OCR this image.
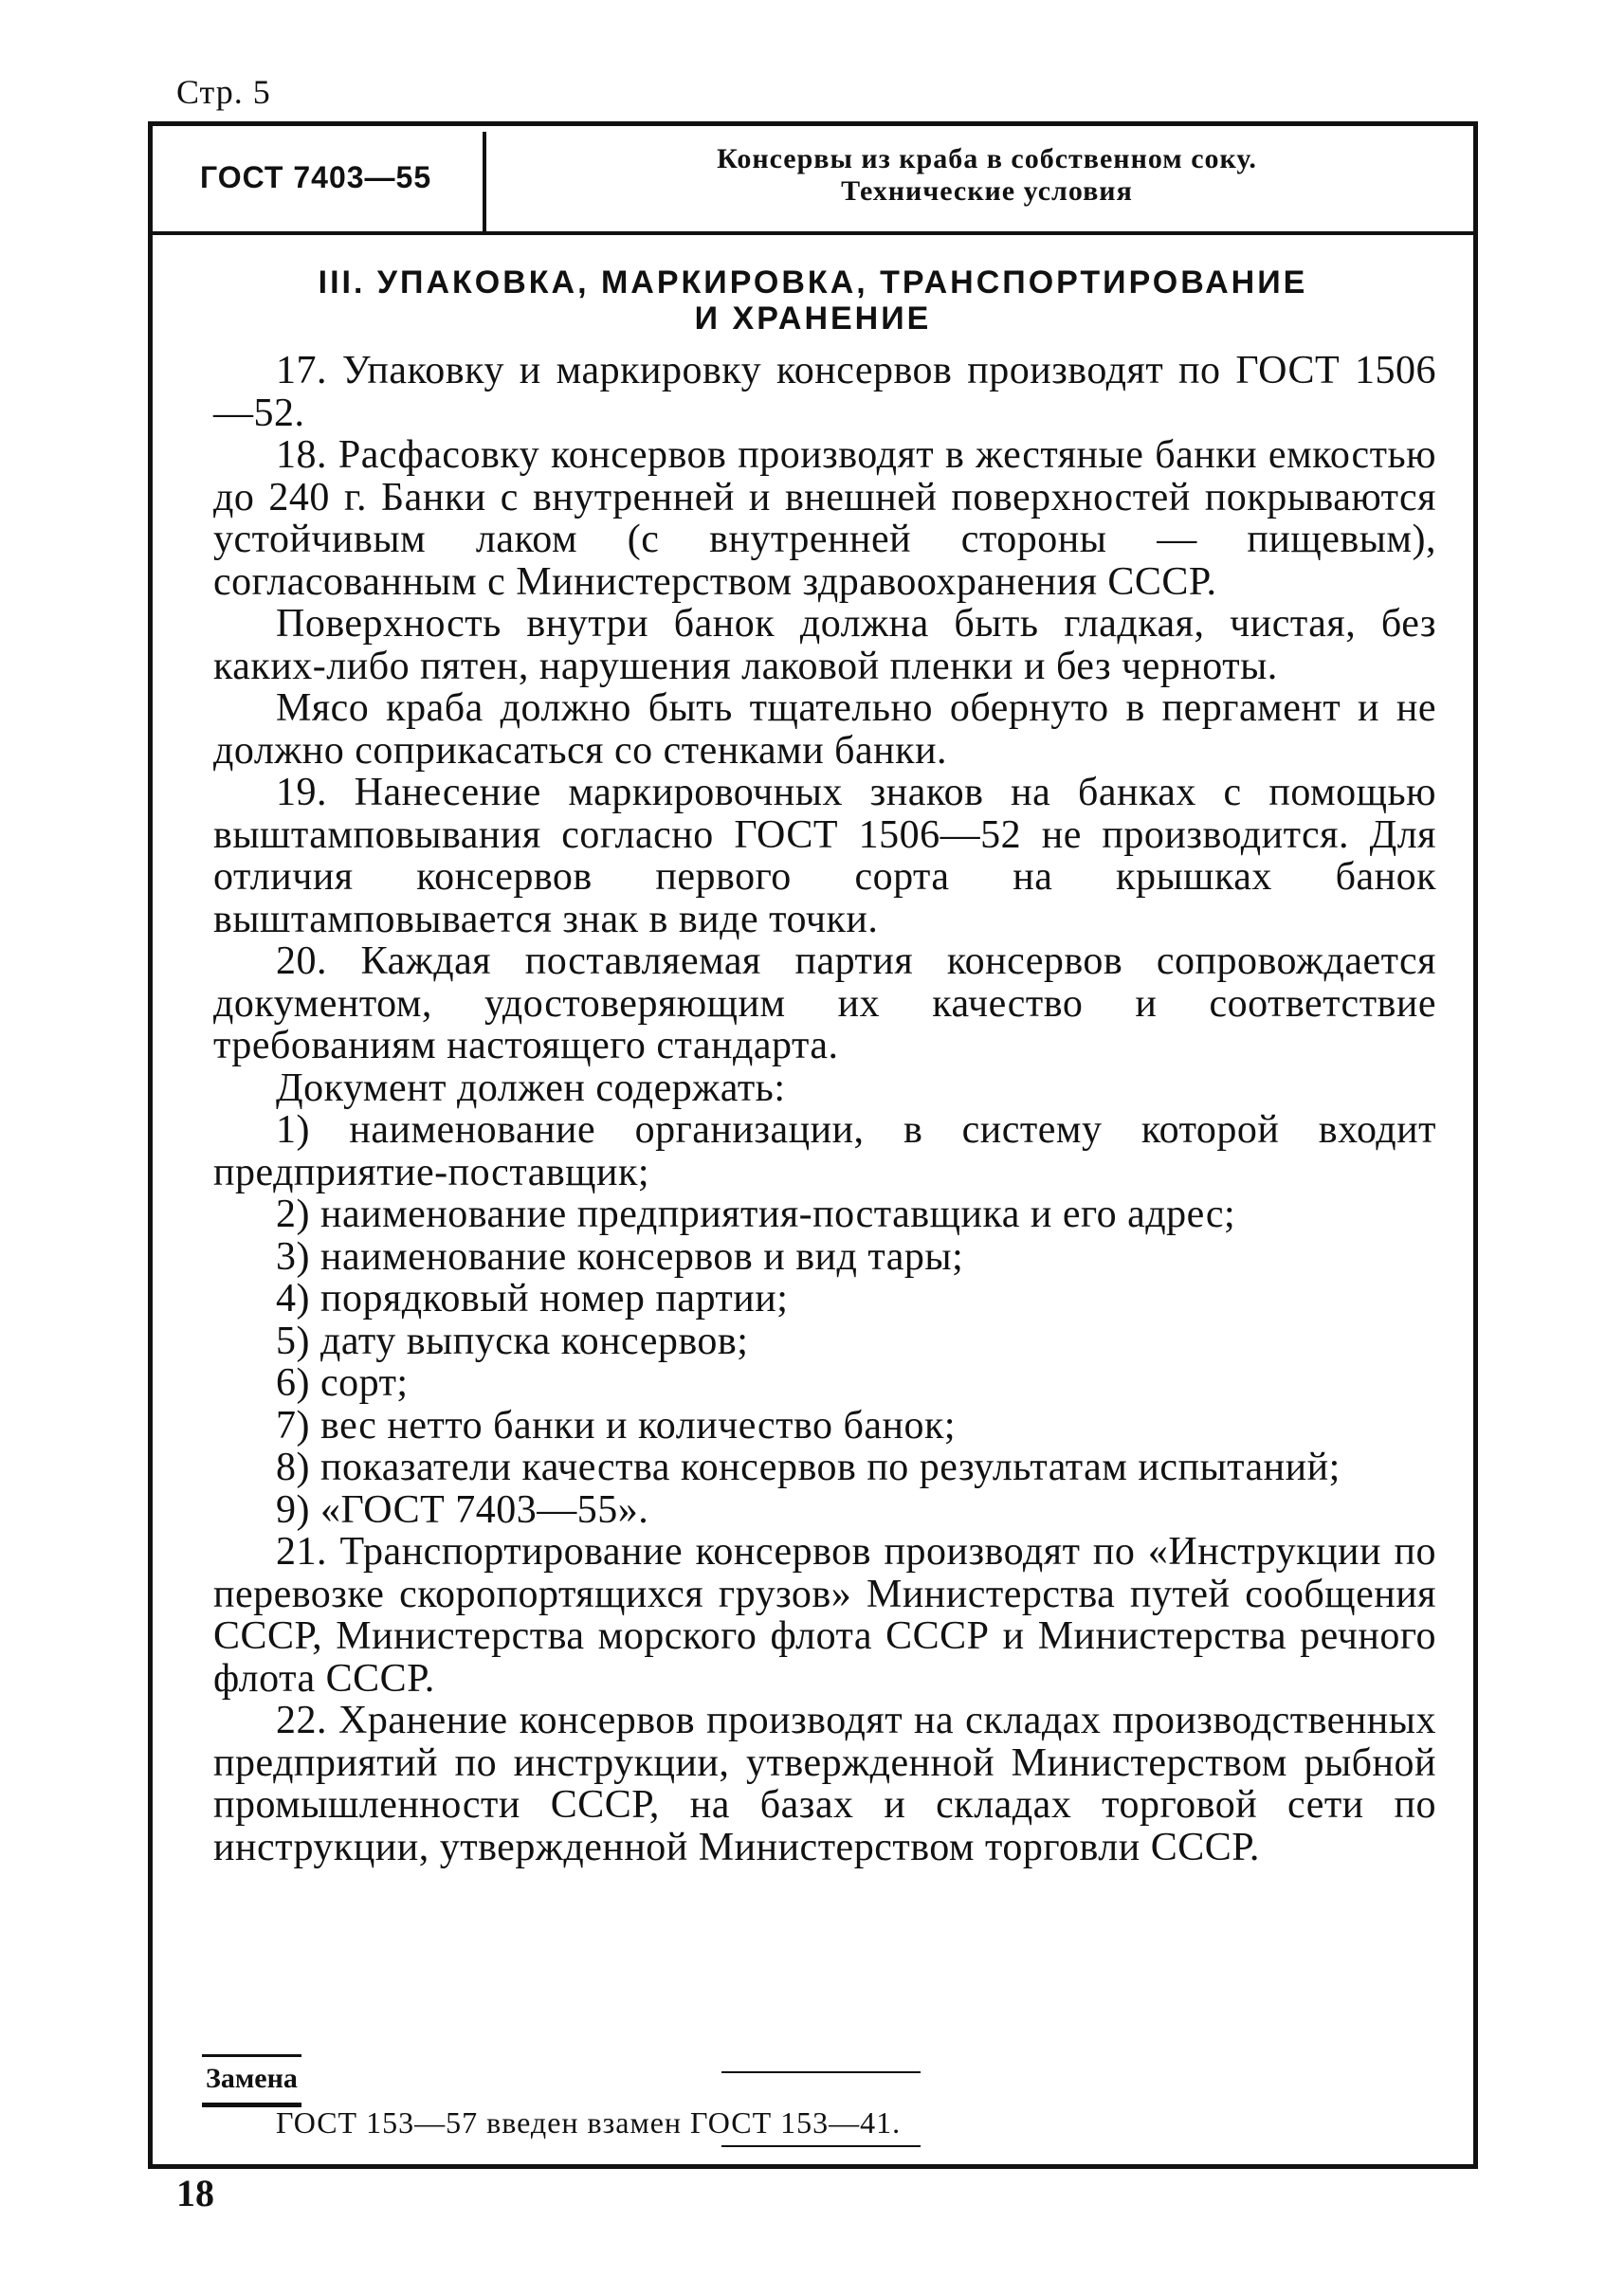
Стр. 5
ГОСТ 7403—55
Консервы из краба в собственном соку.
Технические условия
III. УПАКОВКА, МАРКИРОВКА, ТРАНСПОРТИРОВАНИЕ
И ХРАНЕНИЕ

17. Упаковку и маркировку консервов производят по ГОСТ 1506—52.

18. Расфасовку консервов производят в жестяные банки емкостью до 240 г. Банки с внутренней и внешней поверхностей покрываются устойчивым лаком (с внутренней стороны — пищевым), согласованным с Министерством здравоохранения СССР.

Поверхность внутри банок должна быть гладкая, чистая, без каких-либо пятен, нарушения лаковой пленки и без черноты.

Мясо краба должно быть тщательно обернуто в пергамент и не должно соприкасаться со стенками банки.

19. Нанесение маркировочных знаков на банках с помощью выштамповывания согласно ГОСТ 1506—52 не производится. Для отличия консервов первого сорта на крышках банок выштамповывается знак в виде точки.

20. Каждая поставляемая партия консервов сопровождается документом, удостоверяющим их качество и соответствие требованиям настоящего стандарта.

Документ должен содержать:

1) наименование организации, в систему которой входит предприятие-поставщик;

2) наименование предприятия-поставщика и его адрес;

3) наименование консервов и вид тары;

4) порядковый номер партии;

5) дату выпуска консервов;

6) сорт;

7) вес нетто банки и количество банок;

8) показатели качества консервов по результатам испытаний;

9) «ГОСТ 7403—55».

21. Транспортирование консервов производят по «Инструкции по перевозке скоропортящихся грузов» Министерства путей сообщения СССР, Министерства морского флота СССР и Министерства речного флота СССР.

22. Хранение консервов производят на складах производственных предприятий по инструкции, утвержденной Министерством рыбной промышленности СССР, на базах и складах торговой сети по инструкции, утвержденной Министерством торговли СССР.

Замена
ГОСТ 153—57 введен взамен ГОСТ 153—41.
18
